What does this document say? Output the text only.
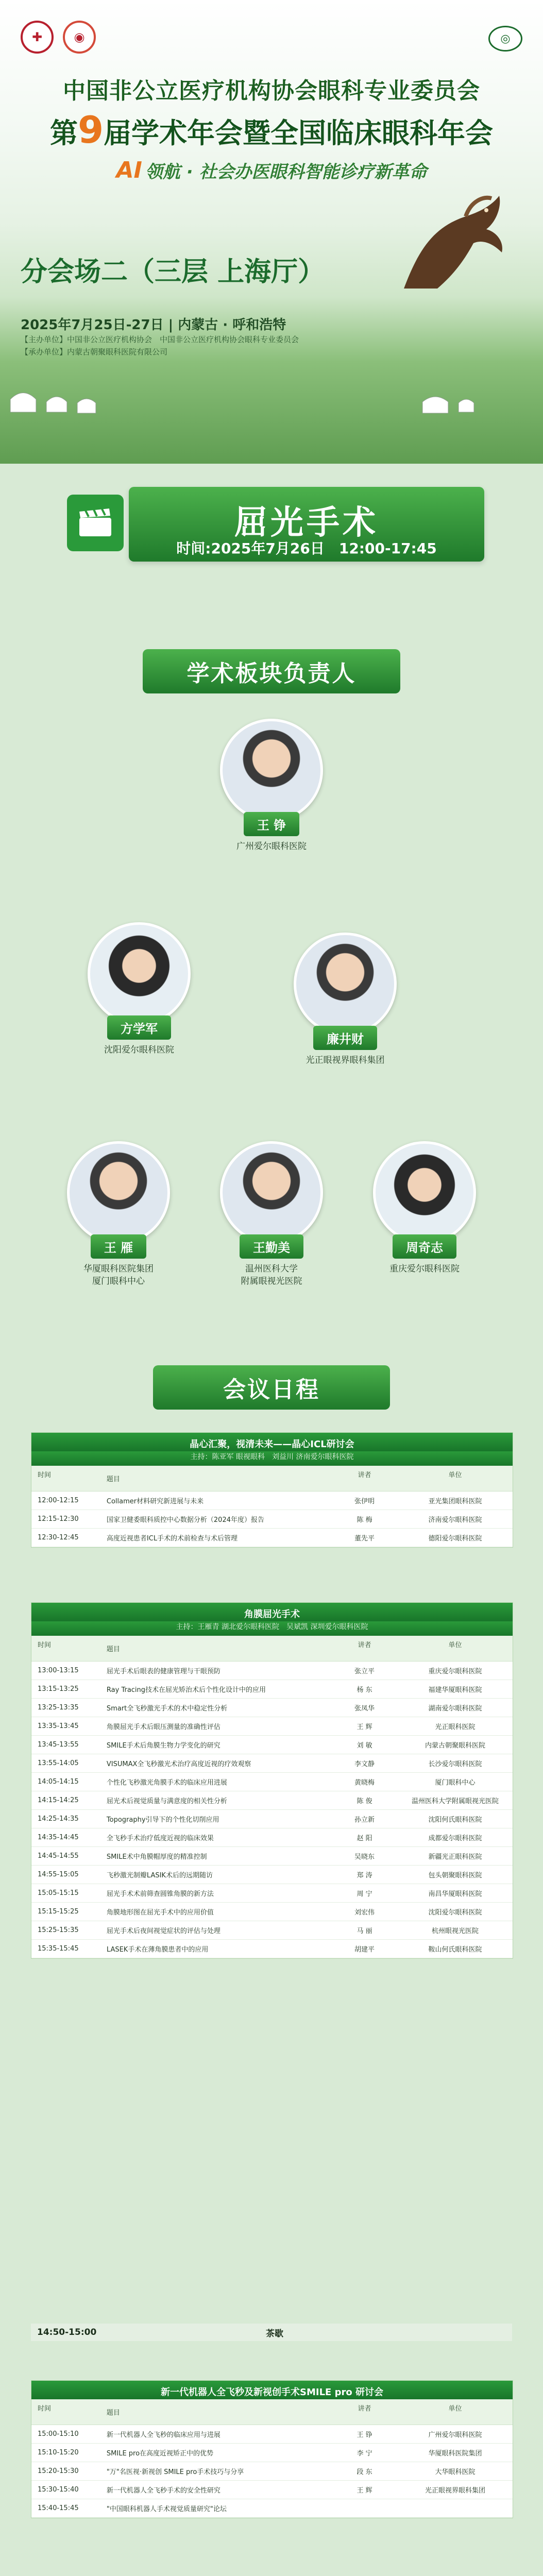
✚	◉	◎
中国非公立医疗机构协会眼科专业委员会
第9届学术年会暨全国临床眼科年会
AI 领航 · 社会办医眼科智能诊疗新革命
分会场二（三层 上海厅）
2025年7月25日-27日 | 内蒙古 · 呼和浩特
【主办单位】中国非公立医疗机构协会　中国非公立医疗机构协会眼科专业委员会
【承办单位】内蒙古朝聚眼科医院有限公司
屈光手术
时间:2025年7月26日　12:00-17:45
学术板块负责人
王 铮
广州爱尔眼科医院
方学军
沈阳爱尔眼科医院
廉井财
光正眼视界眼科集团
王 雁
华厦眼科医院集团
厦门眼科中心
王勤美
温州医科大学
附属眼视光医院
周奇志
重庆爱尔眼科医院
会议日程
晶心汇聚，视清未来——晶心ICL研讨会
主持：陈亚军 眼视眼科　刘益川 济南爱尔眼科医院
时间
题目
讲者	单位
12:00-12:15	Collamer材料研究新进展与未来	张伊明	亚光集团眼科医院
12:15-12:30	国家卫健委眼科质控中心数据分析（2024年度）报告	陈 梅	济南爱尔眼科医院
12:30-12:45	高度近视患者ICL手术的术前检查与术后管理	董先平	德阳爱尔眼科医院
角膜屈光手术
主持：王雁青 湖北爱尔眼科医院　吴斌凯 深圳爱尔眼科医院
时间
题目
讲者	单位
13:00-13:15	屈光手术后眼表的健康管理与干眼预防	张立平	重庆爱尔眼科医院
13:15-13:25	Ray Tracing技术在屈光矫治术后个性化设计中的应用	杨 东	福建华厦眼科医院
13:25-13:35	Smart全飞秒激光手术的术中稳定性分析	张凤华	湖南爱尔眼科医院
13:35-13:45	角膜屈光手术后眼压测量的准确性评估	王 辉	光正眼科医院
13:45-13:55	SMILE手术后角膜生物力学变化的研究	刘 敏	内蒙古朝聚眼科医院
13:55-14:05	VISUMAX全飞秒激光术治疗高度近视的疗效观察	李文静	长沙爱尔眼科医院
14:05-14:15	个性化飞秒激光角膜手术的临床应用进展	黄晓梅	厦门眼科中心
14:15-14:25	屈光术后视觉质量与满意度的相关性分析	陈 俊	温州医科大学附属眼视光医院
14:25-14:35	Topography引导下的个性化切削应用	孙立新	沈阳何氏眼科医院
14:35-14:45	全飞秒手术治疗低度近视的临床效果	赵 阳	成都爱尔眼科医院
14:45-14:55	SMILE术中角膜帽厚度的精准控制	吴晓东	新疆光正眼科医院
14:55-15:05	飞秒激光制瓣LASIK术后的远期随访	郑 涛	包头朝聚眼科医院
15:05-15:15	屈光手术术前筛查圆锥角膜的新方法	周 宁	南昌华厦眼科医院
15:15-15:25	角膜地形图在屈光手术中的应用价值	刘宏伟	沈阳爱尔眼科医院
15:25-15:35	屈光手术后夜间视觉症状的评估与处理	马 丽	杭州眼视光医院
15:35-15:45	LASEK手术在薄角膜患者中的应用	胡建平	鞍山何氏眼科医院
14:50-15:00	茶歇
新一代机器人全飞秒及新视创手术SMILE pro 研讨会
时间
题目
讲者	单位
15:00-15:10	新一代机器人全飞秒的临床应用与进展	王 铮	广州爱尔眼科医院
15:10-15:20	SMILE pro在高度近视矫正中的优势	李 宁	华厦眼科医院集团
15:20-15:30	"万"名医视·新视创 SMILE pro手术技巧与分享	段 东	大华眼科医院
15:30-15:40	新一代机器人全飞秒手术的安全性研究	王 辉	光正眼视界眼科集团
15:40-15:45	"中国眼科机器人手术视觉质量研究"论坛
